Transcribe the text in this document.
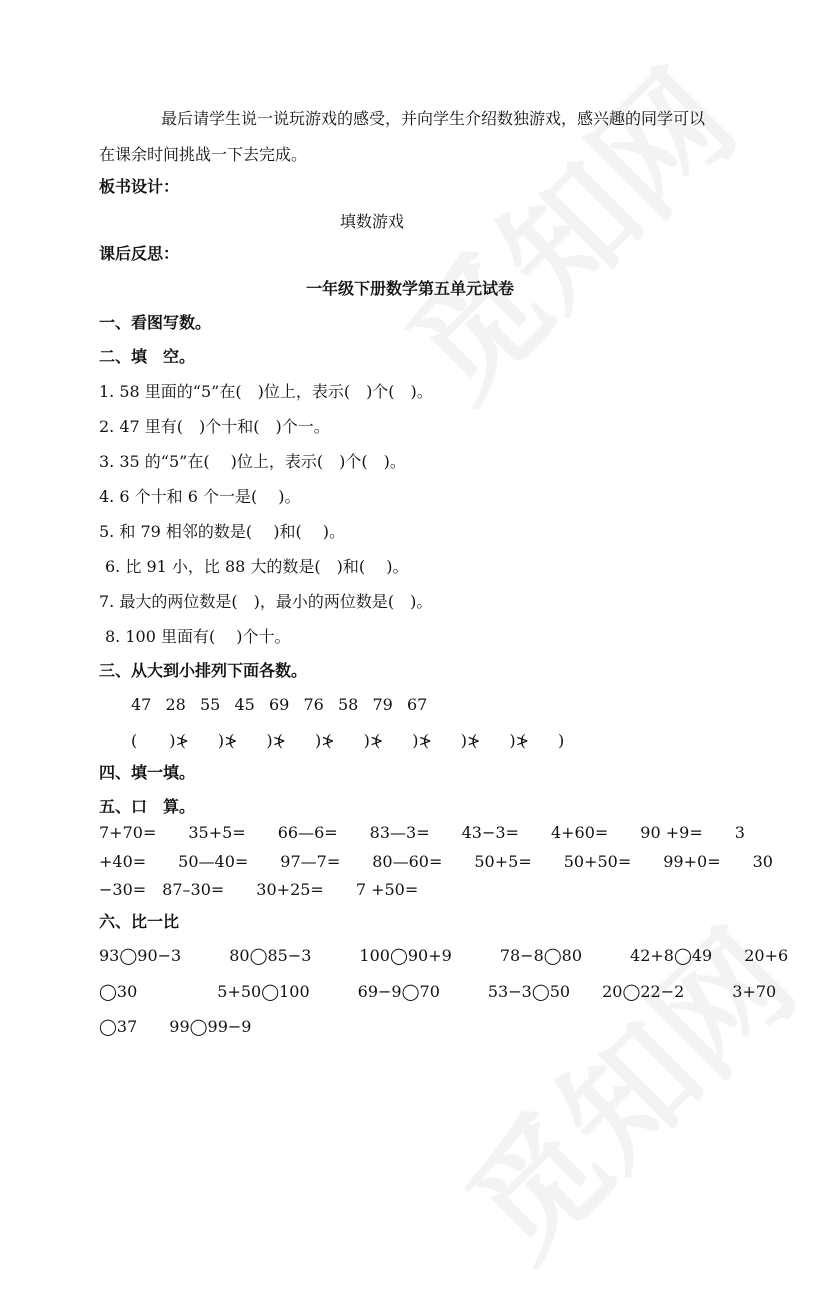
最后请学生说一说玩游戏的感受，并向学生介绍数独游戏，感兴趣的同学可以
在课余时间挑战一下去完成。
板书设计：
填数游戏
课后反思：
一年级下册数学第五单元试卷
一、看图写数。
二、填　空。
1. 58 里面的“5”在(　)位上，表示(　)个(　)。
2. 47 里有(　)个十和(　)个一。
3. 35 的“5”在(　 )位上，表示(　)个(　)。
4. 6 个十和 6 个一是(　 )。
5. 和 79 相邻的数是(　 )和(　 )。
6. 比 91 小，比 88 大的数是(　)和(　 )。
7. 最大的两位数是(　)，最小的两位数是(　)。
8. 100 里面有(　 )个十。
三、从大到小排列下面各数。
47 28 55 45 69 76 58 79 67
(　　)>(　　)>(　　)>(　　)>(　　)>(　　)>(　　)>(　　)>(　　)
四、填一填。
五、口　算。
7+70=　　35+5=　　66—6=　　83—3=　　43−3=　　4+60=　　90 +9=　　3
+40=　　50—40=　　97—7=　　80—60=　　50+5=　　50+50=　　99+0=　　30
−30=　87–30=　　30+25=　　7 +50=
六、比一比
93◯90−3　　　80◯85−3　　　100◯90+9　　　78−8◯80　　　42+8◯49　　20+6
◯30　　　　　5+50◯100　　　69−9◯70　　　53−3◯50　　20◯22−2　　　3+70
◯37　　99◯99−9
